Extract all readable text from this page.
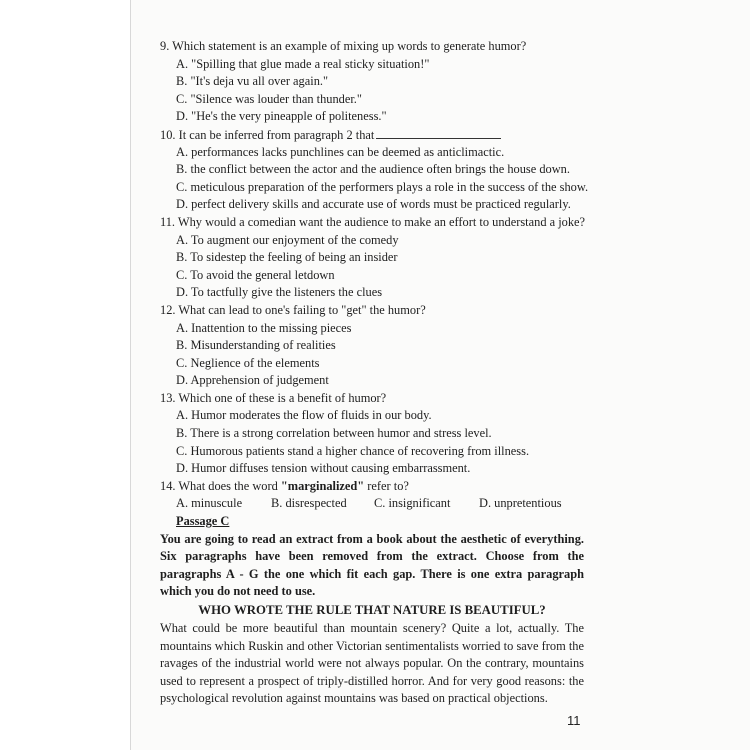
9. Which statement is an example of mixing up words to generate humor?
A. "Spilling that glue made a real sticky situation!"
B. "It's deja vu all over again."
C. "Silence was louder than thunder."
D. "He's the very pineapple of politeness."
10. It can be inferred from paragraph 2 that
A. performances lacks punchlines can be deemed as anticlimactic.
B. the conflict between the actor and the audience often brings the house down.
C. meticulous preparation of the performers plays a role in the success of the show.
D. perfect delivery skills and accurate use of words must be practiced regularly.
11. Why would a comedian want the audience to make an effort to understand a joke?
A. To augment our enjoyment of the comedy
B. To sidestep the feeling of being an insider
C. To avoid the general letdown
D. To tactfully give the listeners the clues
12. What can lead to one's failing to "get" the humor?
A. Inattention to the missing pieces
B. Misunderstanding of realities
C. Neglience of the elements
D. Apprehension of judgement
13. Which one of these is a benefit of humor?
A. Humor moderates the flow of fluids in our body.
B. There is a strong correlation between humor and stress level.
C. Humorous patients stand a higher chance of recovering from illness.
D. Humor diffuses tension without causing embarrassment.
14. What does the word "marginalized" refer to?
A. minuscule	B. disrespected	C. insignificant	D. unpretentious
Passage C
You are going to read an extract from a book about the aesthetic of everything. Six paragraphs have been removed from the extract. Choose from the paragraphs A - G the one which fit each gap. There is one extra paragraph which you do not need to use.
WHO WROTE THE RULE THAT NATURE IS BEAUTIFUL?
What could be more beautiful than mountain scenery? Quite a lot, actually. The mountains which Ruskin and other Victorian sentimentalists worried to save from the ravages of the industrial world were not always popular. On the contrary, mountains used to represent a prospect of triply-distilled horror. And for very good reasons: the psychological revolution against mountains was based on practical objections.
11
